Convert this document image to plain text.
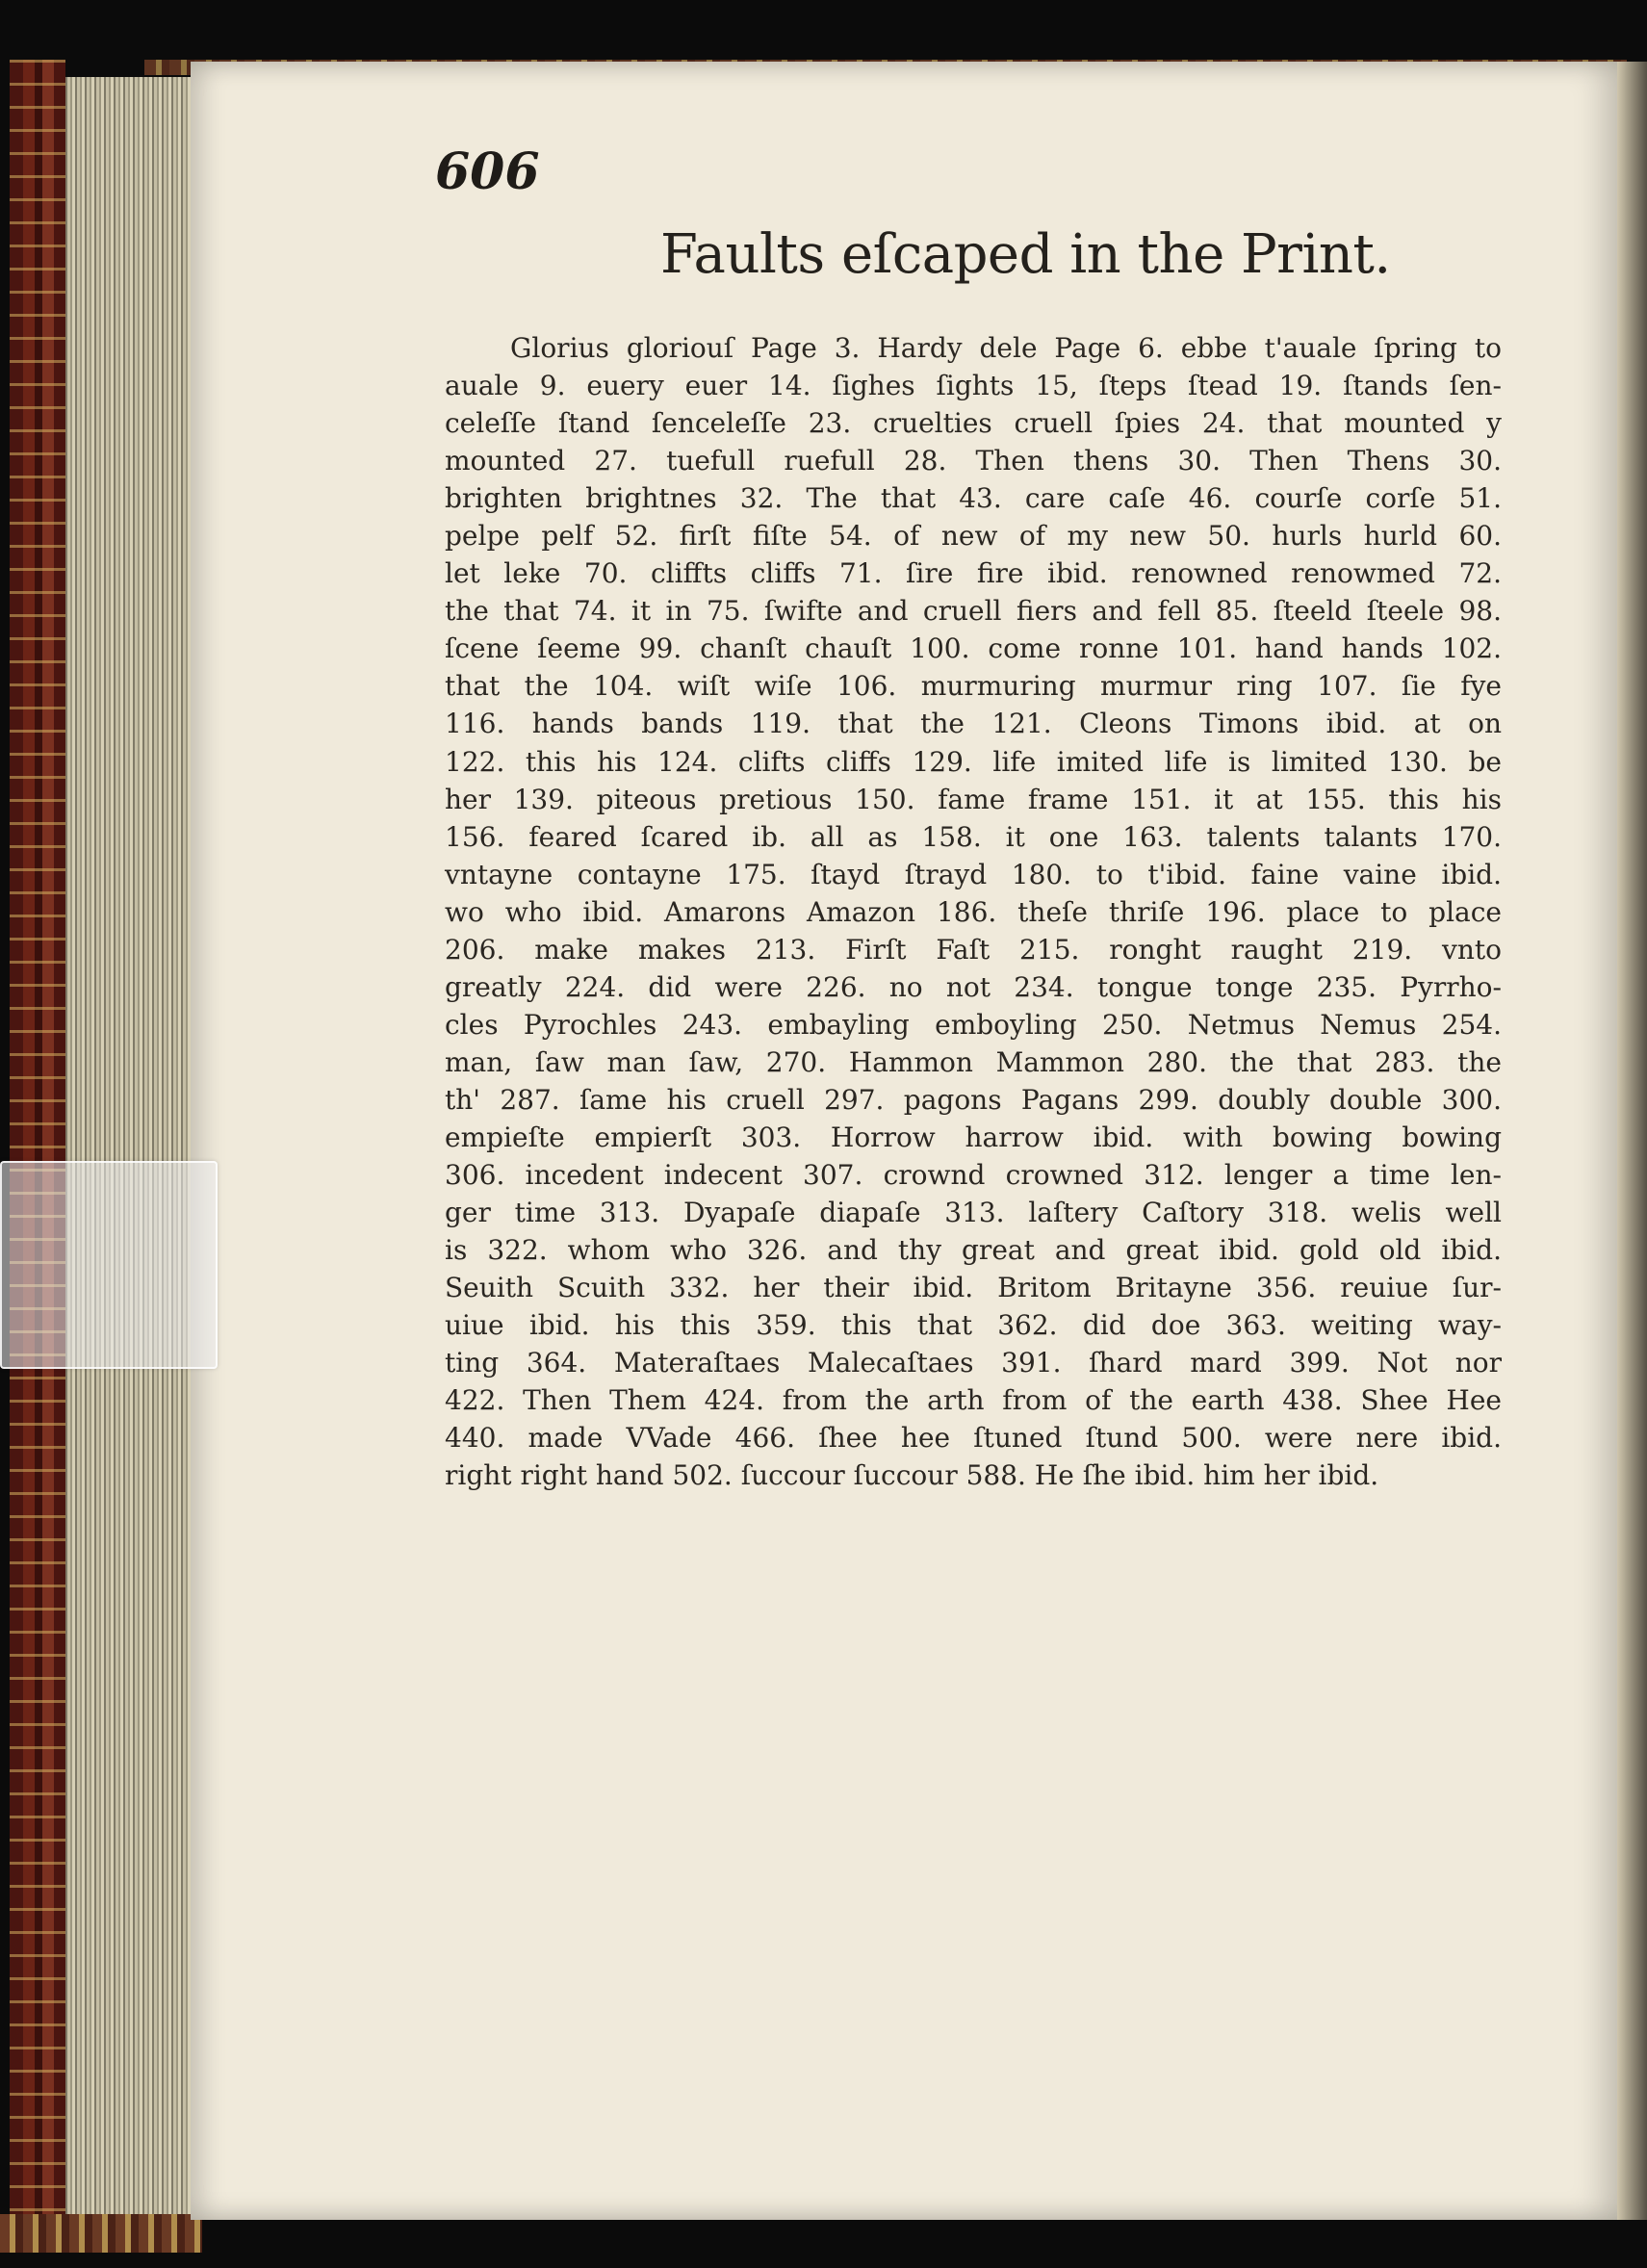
606
Faults eſcaped in the Print.
Glorius gloriouſ Page 3. Hardy dele Page 6. ebbe t'auale ſpring to
auale 9. euery euer 14. ſighes ſights 15, ſteps ſtead 19. ſtands ſen-
celeſſe ſtand ſenceleſſe 23. cruelties cruell ſpies 24. that mounted y
mounted 27. tuefull ruefull 28. Then thens 30. Then Thens 30.
brighten brightnes 32. The that 43. care caſe 46. courſe corſe 51.
pelpe pelf 52. firſt fiſte 54. of new of my new 50. hurls hurld 60.
let leke 70. cliffts cliffs 71. ſire fire ibid. renowned renowmed 72.
the that 74. it in 75. ſwifte and cruell fiers and fell 85. ſteeld ſteele 98.
ſcene ſeeme 99. chanſt chauſt 100. come ronne 101. hand hands 102.
that the 104. wiſt wiſe 106. murmuring murmur ring 107. ſie fye
116. hands bands 119. that the 121. Cleons Timons ibid. at on
122. this his 124. clifts cliffs 129. life imited life is limited 130. be
her 139. piteous pretious 150. fame frame 151. it at 155. this his
156. feared ſcared ib. all as 158. it one 163. talents talants 170.
vntayne contayne 175. ſtayd ſtrayd 180. to t'ibid. faine vaine ibid.
wo who ibid. Amarons Amazon 186. theſe thriſe 196. place to place
206. make makes 213. Firſt Faſt 215. ronght raught 219. vnto
greatly 224. did were 226. no not 234. tongue tonge 235. Pyrrho-
cles Pyrochles 243. embayling emboyling 250. Netmus Nemus 254.
man, ſaw man ſaw, 270. Hammon Mammon 280. the that 283. the
th' 287. ſame his cruell 297. pagons Pagans 299. doubly double 300.
empieſte empierſt 303. Horrow harrow ibid. with bowing bowing
306. incedent indecent 307. crownd crowned 312. lenger a time len-
ger time 313. Dyapaſe diapaſe 313. laſtery Caſtory 318. welis well
is 322. whom who 326. and thy great and great ibid. gold old ibid.
Seuith Scuith 332. her their ibid. Britom Britayne 356. reuiue ſur-
uiue ibid. his this 359. this that 362. did doe 363. weiting way-
ting 364. Materaſtaes Malecaſtaes 391. ſhard mard 399. Not nor
422. Then Them 424. from the arth from of the earth 438. Shee Hee
440. made VVade 466. ſhee hee ſtuned ſtund 500. were nere ibid.
right right hand 502. ſuccour ſuccour 588. He ſhe ibid. him her ibid.
